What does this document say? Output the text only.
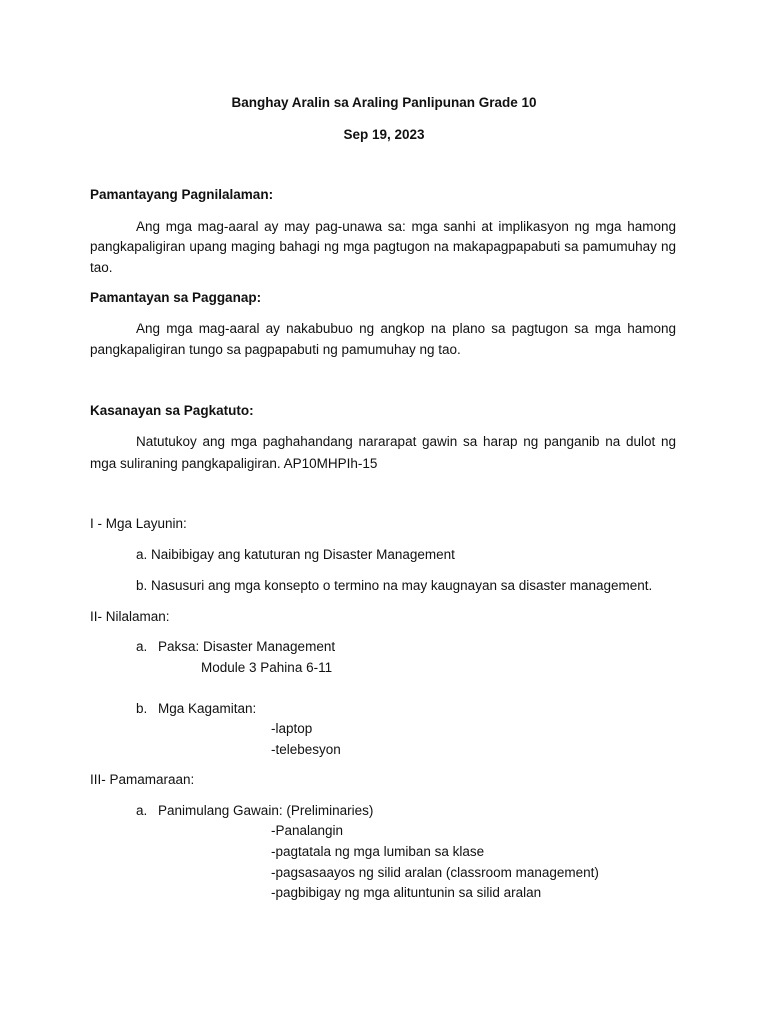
Banghay Aralin sa Araling Panlipunan Grade 10
Sep 19, 2023
Pamantayang Pagnilalaman:
Ang mga mag-aaral ay may pag-unawa sa: mga sanhi at implikasyon ng mga hamong
pangkapaligiran upang maging bahagi ng mga pagtugon na makapagpapabuti sa pamumuhay ng
tao.
Pamantayan sa Pagganap:
Ang mga mag-aaral ay nakabubuo ng angkop na plano sa pagtugon sa mga hamong
pangkapaligiran tungo sa pagpapabuti ng pamumuhay ng tao.
Kasanayan sa Pagkatuto:
Natutukoy ang mga paghahandang nararapat gawin sa harap ng panganib na dulot ng
mga suliraning pangkapaligiran. AP10MHPIh-15
I - Mga Layunin:
a. Naibibigay ang katuturan ng Disaster Management
b. Nasusuri ang mga konsepto o termino na may kaugnayan sa disaster management.
II- Nilalaman:
a. Paksa: Disaster Management
Module 3 Pahina 6-11
b. Mga Kagamitan:
-laptop
-telebesyon
III- Pamamaraan:
a. Panimulang Gawain: (Preliminaries)
-Panalangin
-pagtatala ng mga lumiban sa klase
-pagsasaayos ng silid aralan (classroom management)
-pagbibigay ng mga alituntunin sa silid aralan
